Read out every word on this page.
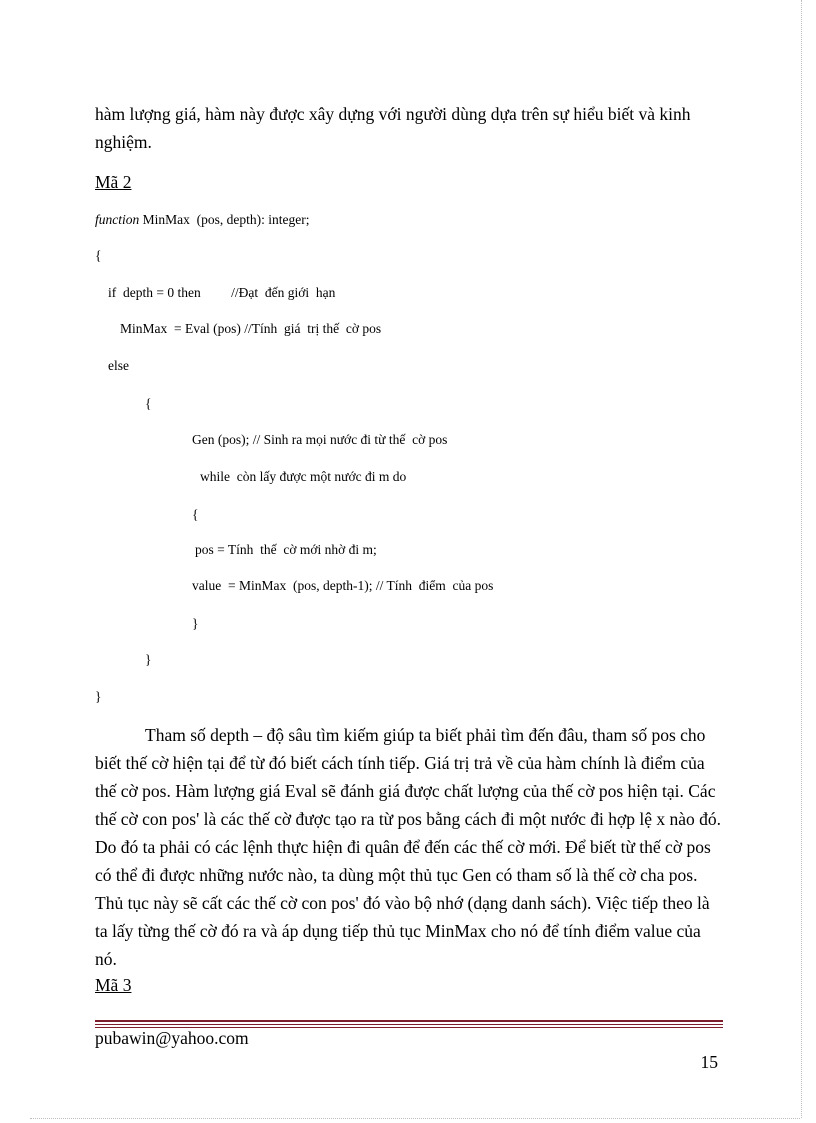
hàm lượng giá, hàm này được xây dựng với người dùng dựa trên sự hiểu biết và kinh nghiệm.

Mã 2

function MinMax  (pos, depth): integer;

{

if  depth = 0 then         //Đạt  đến giới  hạn

MinMax  = Eval (pos) //Tính  giá  trị thế  cờ pos

else

{

Gen (pos); // Sinh ra mọi nước đi từ thế  cờ pos

while  còn lấy được một nước đi m do

{

pos = Tính  thế  cờ mới nhờ đi m;

value  = MinMax  (pos, depth-1); // Tính  điểm  của pos

}

}

}

Tham số depth – độ sâu tìm kiếm giúp ta biết phải tìm đến đâu, tham số pos cho biết thế cờ hiện tại để từ đó biết cách tính tiếp. Giá trị trả về của hàm chính là điểm của thế cờ pos. Hàm lượng giá Eval sẽ đánh giá được chất lượng của thế cờ pos hiện tại. Các thế cờ con pos' là các thế cờ được tạo ra từ pos bằng cách đi một nước đi hợp lệ x nào đó. Do đó ta phải có các lệnh thực hiện đi quân để đến các thế cờ mới. Để biết từ thế cờ pos có thể đi được những nước nào, ta dùng một thủ tục Gen có tham số là thế cờ cha pos. Thủ tục này sẽ cất các thế cờ con pos' đó vào bộ nhớ (dạng danh sách). Việc tiếp theo là ta lấy từng thế cờ đó ra và áp dụng tiếp thủ tục MinMax cho nó để tính điểm value của nó.

Mã 3

pubawin@yahoo.com

15
